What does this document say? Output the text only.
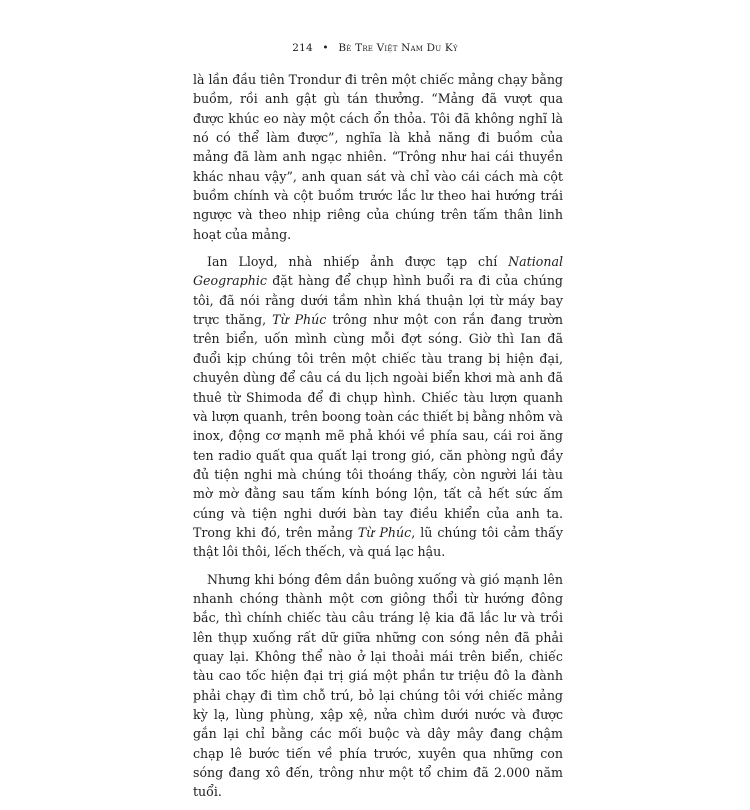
214 • Bè Tre Việt Nam Du Ký

là lần đầu tiên Trondur đi trên một chiếc mảng chạy bằng buồm, rồi anh gật gù tán thưởng. “Mảng đã vượt qua được khúc eo này một cách ổn thỏa. Tôi đã không nghĩ là nó có thể làm được”, nghĩa là khả năng đi buồm của mảng đã làm anh ngạc nhiên. “Trông như hai cái thuyền khác nhau vậy”, anh quan sát và chỉ vào cái cách mà cột buồm chính và cột buồm trước lắc lư theo hai hướng trái ngược và theo nhịp riêng của chúng trên tấm thân linh hoạt của mảng.

Ian Lloyd, nhà nhiếp ảnh được tạp chí National Geographic đặt hàng để chụp hình buổi ra đi của chúng tôi, đã nói rằng dưới tầm nhìn khá thuận lợi từ máy bay trực thăng, Từ Phúc trông như một con rắn đang trườn trên biển, uốn mình cùng mỗi đợt sóng. Giờ thì Ian đã đuổi kịp chúng tôi trên một chiếc tàu trang bị hiện đại, chuyên dùng để câu cá du lịch ngoài biển khơi mà anh đã thuê từ Shimoda để đi chụp hình. Chiếc tàu lượn quanh và lượn quanh, trên boong toàn các thiết bị bằng nhôm và inox, động cơ mạnh mẽ phả khói về phía sau, cái roi ăng ten radio quất qua quất lại trong gió, căn phòng ngủ đầy đủ tiện nghi mà chúng tôi thoáng thấy, còn người lái tàu mờ mờ đằng sau tấm kính bóng lộn, tất cả hết sức ấm cúng và tiện nghi dưới bàn tay điều khiển của anh ta. Trong khi đó, trên mảng Từ Phúc, lũ chúng tôi cảm thấy thật lôi thôi, lếch thếch, và quá lạc hậu.

Nhưng khi bóng đêm dần buông xuống và gió mạnh lên nhanh chóng thành một cơn giông thổi từ hướng đông bắc, thì chính chiếc tàu câu tráng lệ kia đã lắc lư và trồi lên thụp xuống rất dữ giữa những con sóng nên đã phải quay lại. Không thể nào ở lại thoải mái trên biển, chiếc tàu cao tốc hiện đại trị giá một phần tư triệu đô la đành phải chạy đi tìm chỗ trú, bỏ lại chúng tôi với chiếc mảng kỳ lạ, lùng phùng, xập xệ, nửa chìm dưới nước và được gắn lại chỉ bằng các mối buộc và dây mây đang chậm chạp lê bước tiến về phía trước, xuyên qua những con sóng đang xô đến, trông như một tổ chim đã 2.000 năm tuổi.
